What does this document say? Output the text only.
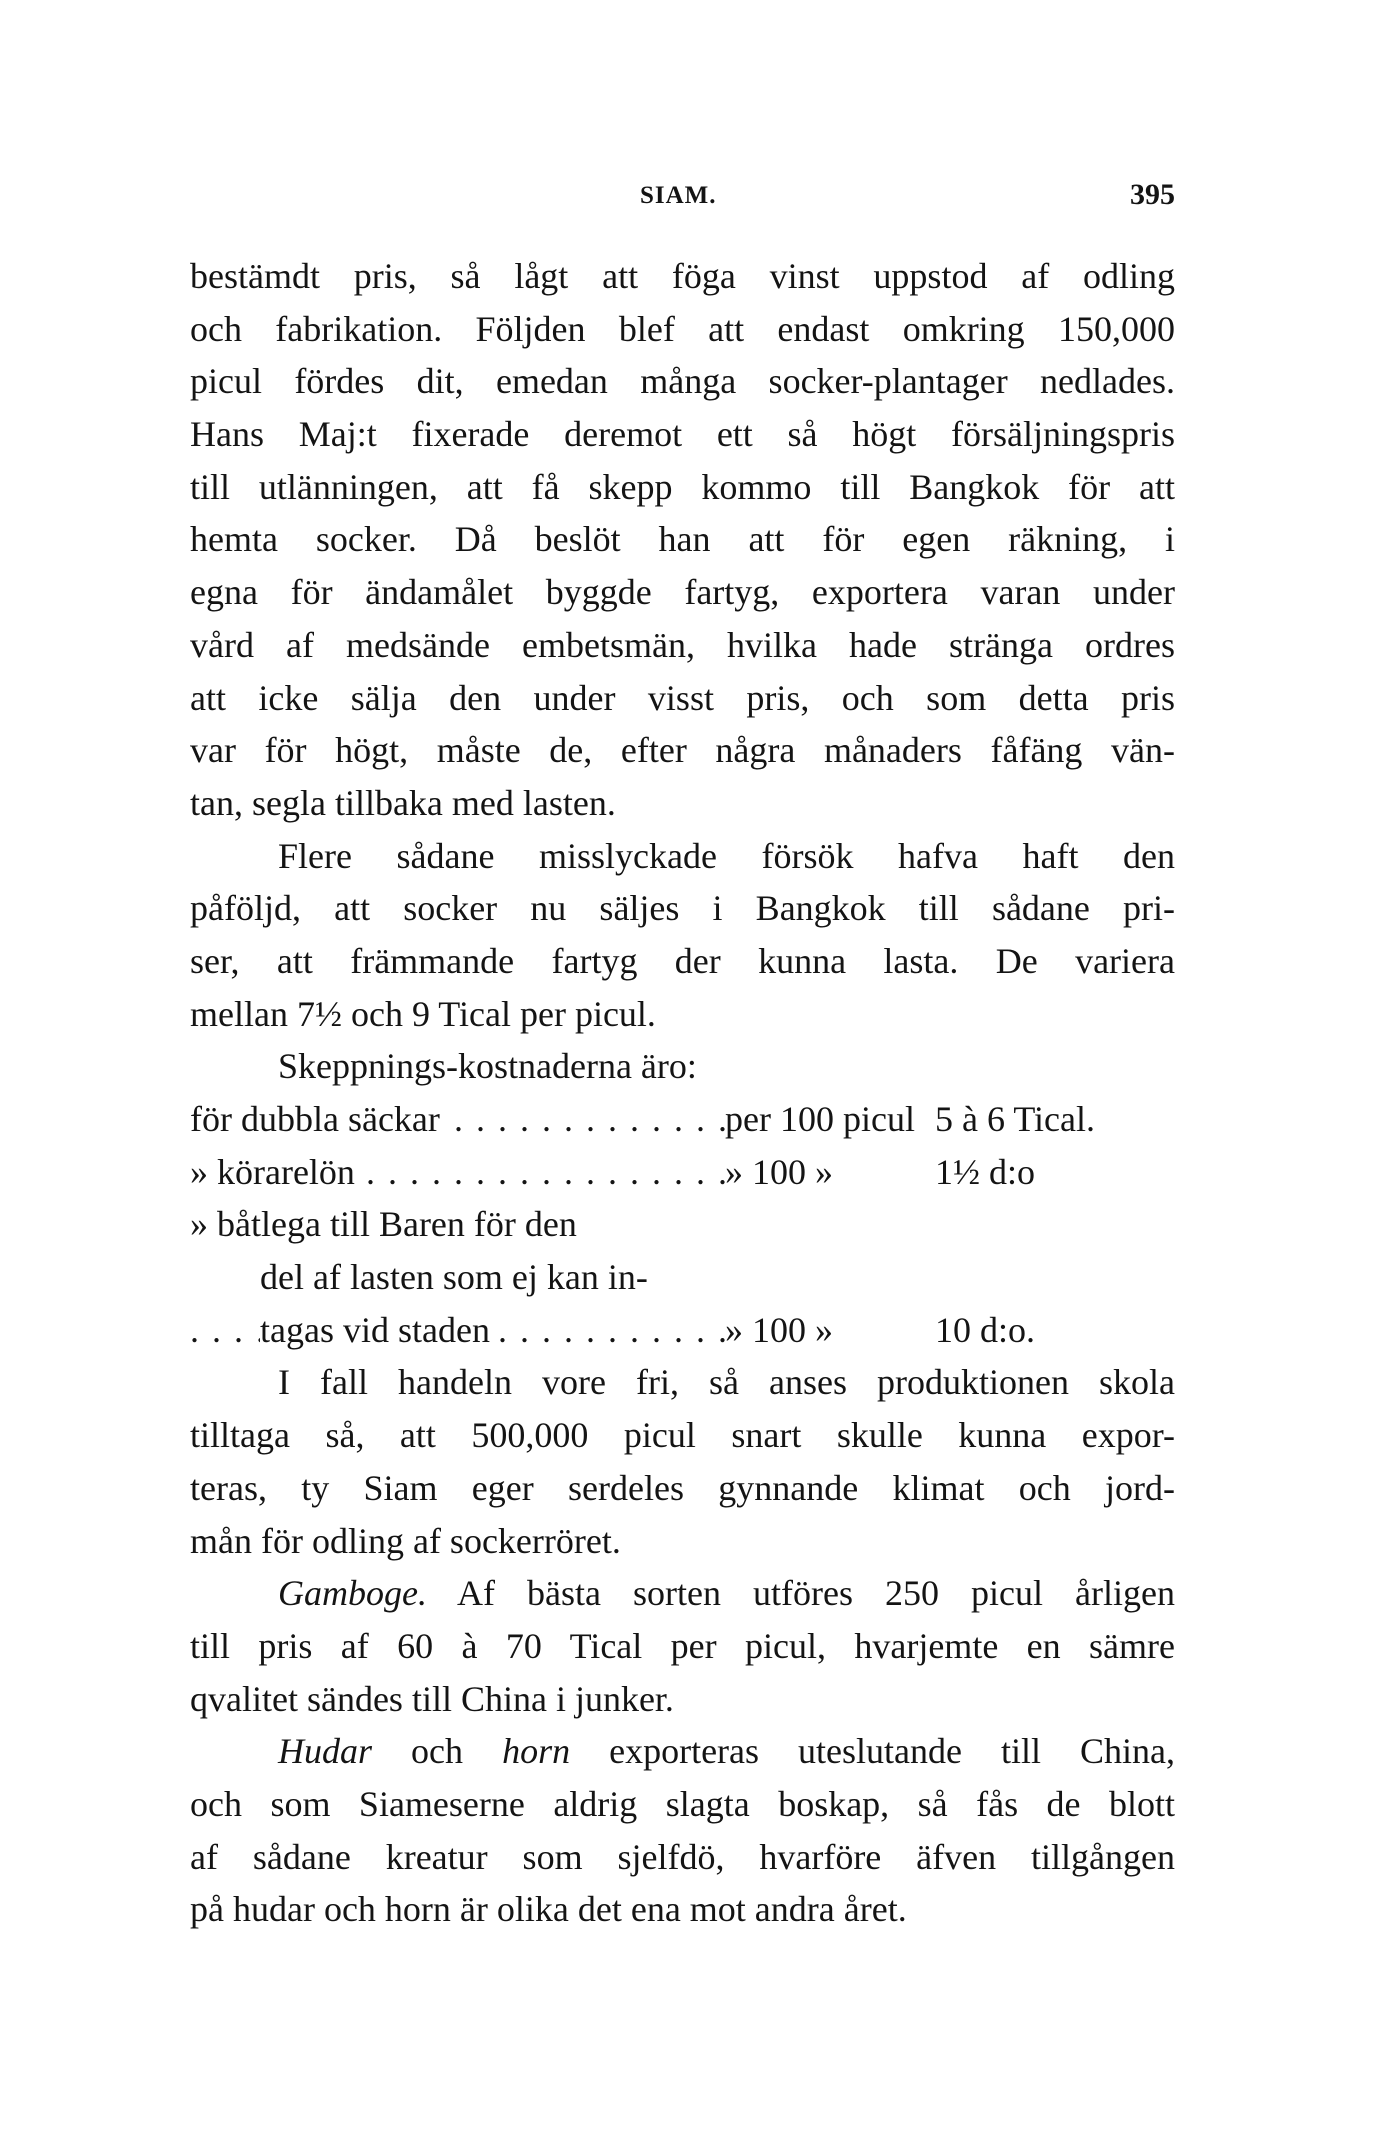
SIAM.	395
bestämdt pris, så lågt att föga vinst uppstod af odling
och fabrikation. Följden blef att endast omkring 150,000
picul fördes dit, emedan många socker-plantager nedlades.
Hans Maj:t fixerade deremot ett så högt försäljningspris
till utlänningen, att få skepp kommo till Bangkok för att
hemta socker. Då beslöt han att för egen räkning, i
egna för ändamålet byggde fartyg, exportera varan under
vård af medsände embetsmän, hvilka hade stränga ordres
att icke sälja den under visst pris, och som detta pris
var för högt, måste de, efter några månaders fåfäng vän-
tan, segla tillbaka med lasten.
Flere sådane misslyckade försök hafva haft den
påföljd, att socker nu säljes i Bangkok till sådane pri-
ser, att främmande fartyg der kunna lasta. De variera
mellan 7½ och 9 Tical per picul.
Skeppnings-kostnaderna äro:
för dubbla säckar . . .	per 100 picul 5 à 6 Tical.
» körarelön . . .	» 100 »	1½ d:o
» båtlega till Baren för den
del af lasten som ej kan in-
tagas vid staden . . .	» 100 »	10 d:o.
I fall handeln vore fri, så anses produktionen skola
tilltaga så, att 500,000 picul snart skulle kunna expor-
teras, ty Siam eger serdeles gynnande klimat och jord-
mån för odling af sockerröret.
Gamboge. Af bästa sorten utföres 250 picul årligen
till pris af 60 à 70 Tical per picul, hvarjemte en sämre
qvalitet sändes till China i junker.
Hudar och horn exporteras uteslutande till China,
och som Siameserne aldrig slagta boskap, så fås de blott
af sådane kreatur som sjelfdö, hvarföre äfven tillgången
på hudar och horn är olika det ena mot andra året.
